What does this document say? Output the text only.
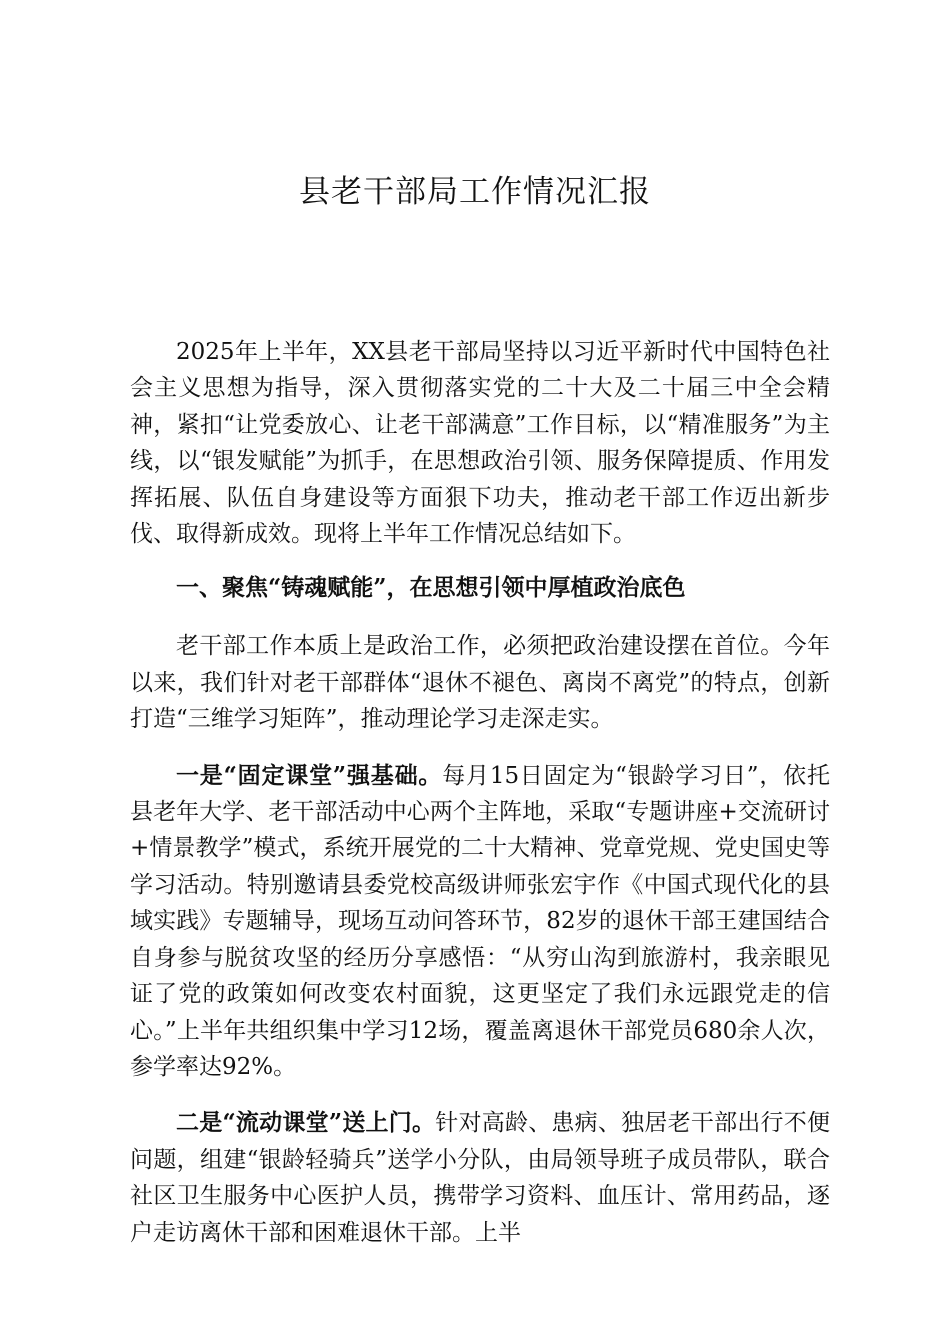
县老干部局工作情况汇报

2025年上半年，XX县老干部局坚持以习近平新时代中国特色社会主义思想为指导，深入贯彻落实党的二十大及二十届三中全会精神，紧扣“让党委放心、让老干部满意”工作目标，以“精准服务”为主线，以“银发赋能”为抓手，在思想政治引领、服务保障提质、作用发挥拓展、队伍自身建设等方面狠下功夫，推动老干部工作迈出新步伐、取得新成效。现将上半年工作情况总结如下。

一、聚焦“铸魂赋能”，在思想引领中厚植政治底色

老干部工作本质上是政治工作，必须把政治建设摆在首位。今年以来，我们针对老干部群体“退休不褪色、离岗不离党”的特点，创新打造“三维学习矩阵”，推动理论学习走深走实。

一是“固定课堂”强基础。每月15日固定为“银龄学习日”，依托县老年大学、老干部活动中心两个主阵地，采取“专题讲座+交流研讨+情景教学”模式，系统开展党的二十大精神、党章党规、党史国史等学习活动。特别邀请县委党校高级讲师张宏宇作《中国式现代化的县域实践》专题辅导，现场互动问答环节，82岁的退休干部王建国结合自身参与脱贫攻坚的经历分享感悟：“从穷山沟到旅游村，我亲眼见证了党的政策如何改变农村面貌，这更坚定了我们永远跟党走的信心。”上半年共组织集中学习12场，覆盖离退休干部党员680余人次，参学率达92%。

二是“流动课堂”送上门。针对高龄、患病、独居老干部出行不便问题，组建“银龄轻骑兵”送学小分队，由局领导班子成员带队，联合社区卫生服务中心医护人员，携带学习资料、血压计、常用药品，逐户走访离休干部和困难退休干部。上半
